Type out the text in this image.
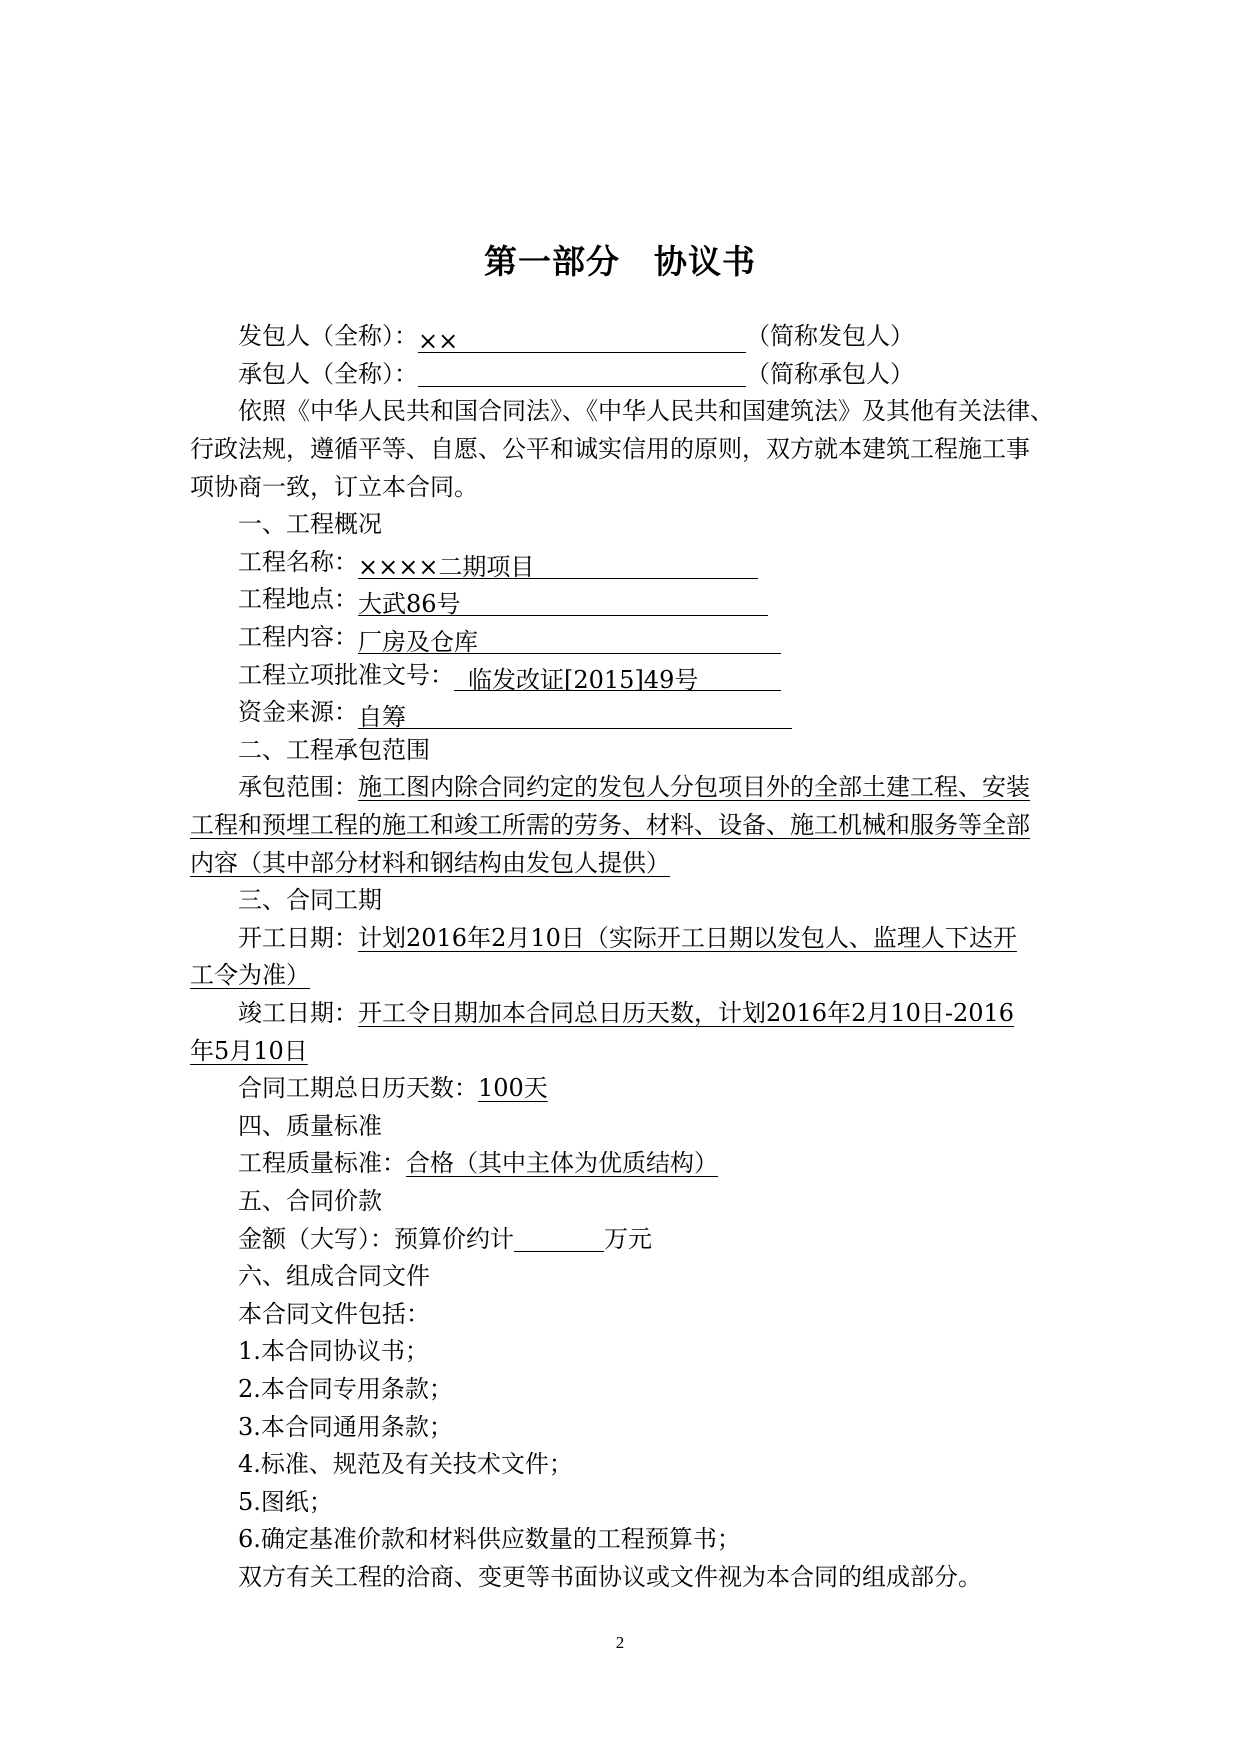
第一部分　协议书
发包人（全称）：××	（简称发包人）
承包人（全称）：	（简称承包人）
依照《中华人民共和国合同法》、《中华人民共和国建筑法》及其他有关法律、
行政法规，遵循平等、自愿、公平和诚实信用的原则，双方就本建筑工程施工事
项协商一致，订立本合同。
一、工程概况
工程名称：××××二期项目
工程地点：大武86号
工程内容：厂房及仓库
工程立项批准文号： 临发改证[2015]49号
资金来源：自筹
二、工程承包范围
承包范围：施工图内除合同约定的发包人分包项目外的全部土建工程、安装
工程和预埋工程的施工和竣工所需的劳务、材料、设备、施工机械和服务等全部
内容（其中部分材料和钢结构由发包人提供）
三、合同工期
开工日期：计划2016年2月10日（实际开工日期以发包人、监理人下达开
工令为准）
竣工日期：开工令日期加本合同总日历天数，计划2016年2月10日-2016
年5月10日
合同工期总日历天数：100天
四、质量标准
工程质量标准：合格（其中主体为优质结构）
五、合同价款
金额（大写）：预算价约计	万元
六、组成合同文件
本合同文件包括：
1.本合同协议书；
2.本合同专用条款；
3.本合同通用条款；
4.标准、规范及有关技术文件；
5.图纸；
6.确定基准价款和材料供应数量的工程预算书；
双方有关工程的洽商、变更等书面协议或文件视为本合同的组成部分。
2
